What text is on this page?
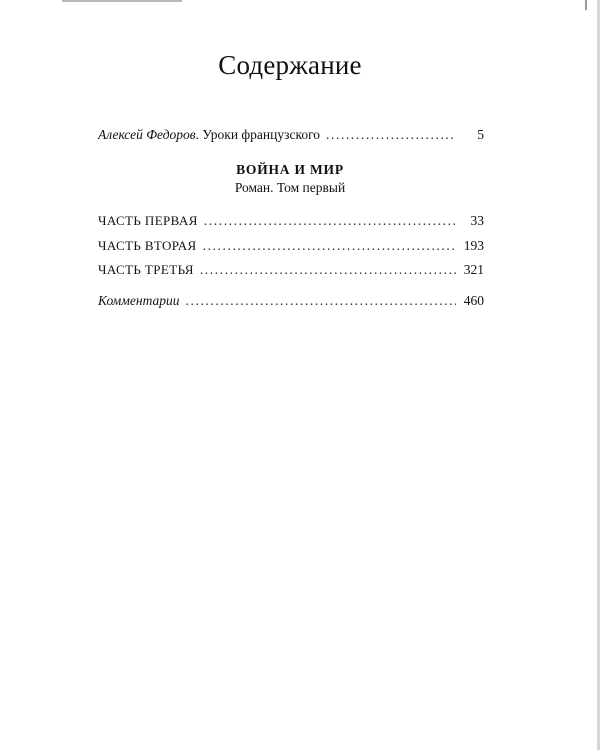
Содержание
Алексей Федоров. Уроки французского .....	5
ВОЙНА И МИР
Роман. Том первый
ЧАСТЬ ПЕРВАЯ .....	33
ЧАСТЬ ВТОРАЯ .....	193
ЧАСТЬ ТРЕТЬЯ .....	321
Комментарии .....	460
